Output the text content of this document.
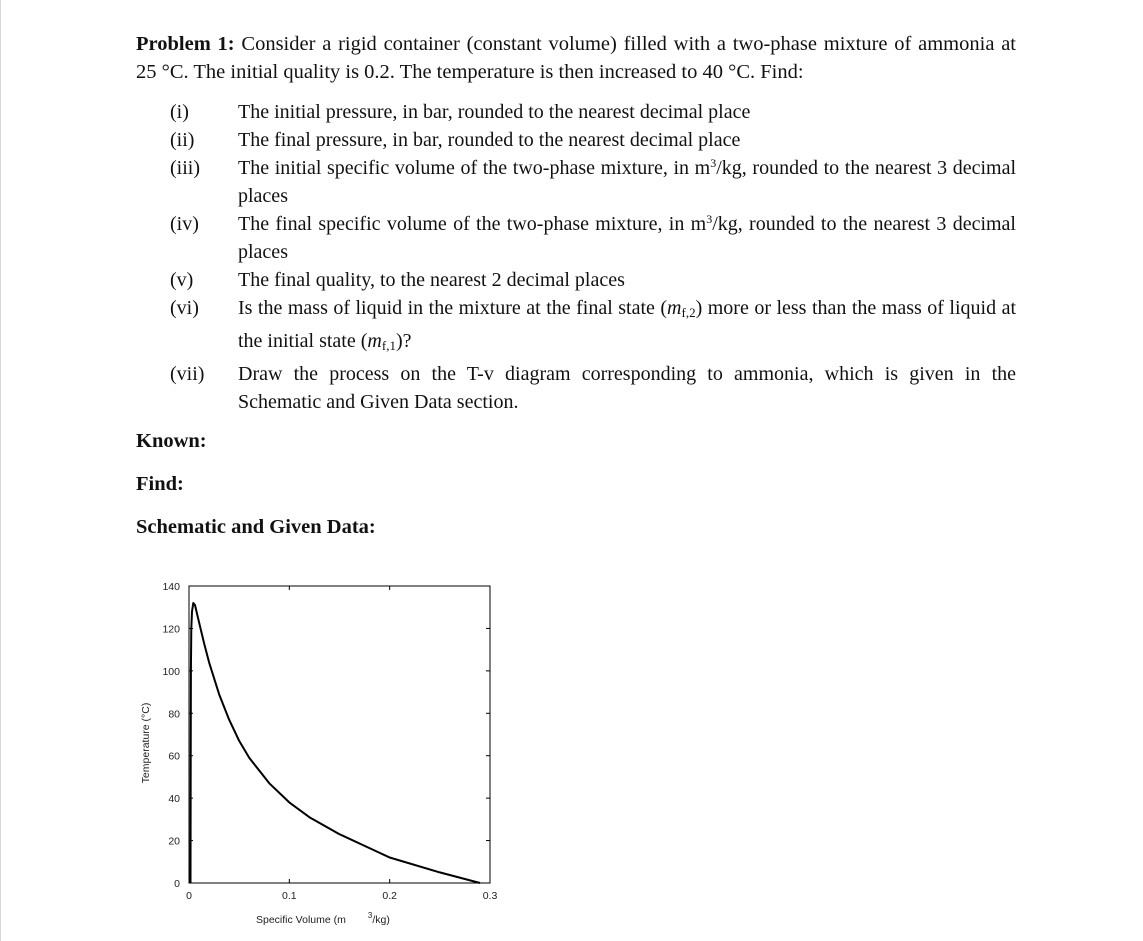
Problem 1: Consider a rigid container (constant volume) filled with a two-phase mixture of ammonia at 25 °C. The initial quality is 0.2. The temperature is then increased to 40 °C. Find:

(i)	The initial pressure, in bar, rounded to the nearest decimal place
(ii)	The final pressure, in bar, rounded to the nearest decimal place
(iii)	The initial specific volume of the two-phase mixture, in $m^3/kg$, rounded to the nearest 3 decimal places
(iv)	The final specific volume of the two-phase mixture, in $m^3/kg$, rounded to the nearest 3 decimal places
(v)	The final quality, to the nearest 2 decimal places
(vi)	Is the mass of liquid in the mixture at the final state $(m_{f,2})$ more or less than the mass of liquid at the initial state $(m_{f,1})$?
(vii)	Draw the process on the T-v diagram corresponding to ammonia, which is given in the Schematic and Given Data section.
Known:
Find:
Schematic and Given Data:
0
20
40
60
80
100
120
140
0	0.1	0.2	0.3
Temperature (°C)
Specific Volume (m	$^3$/kg)
